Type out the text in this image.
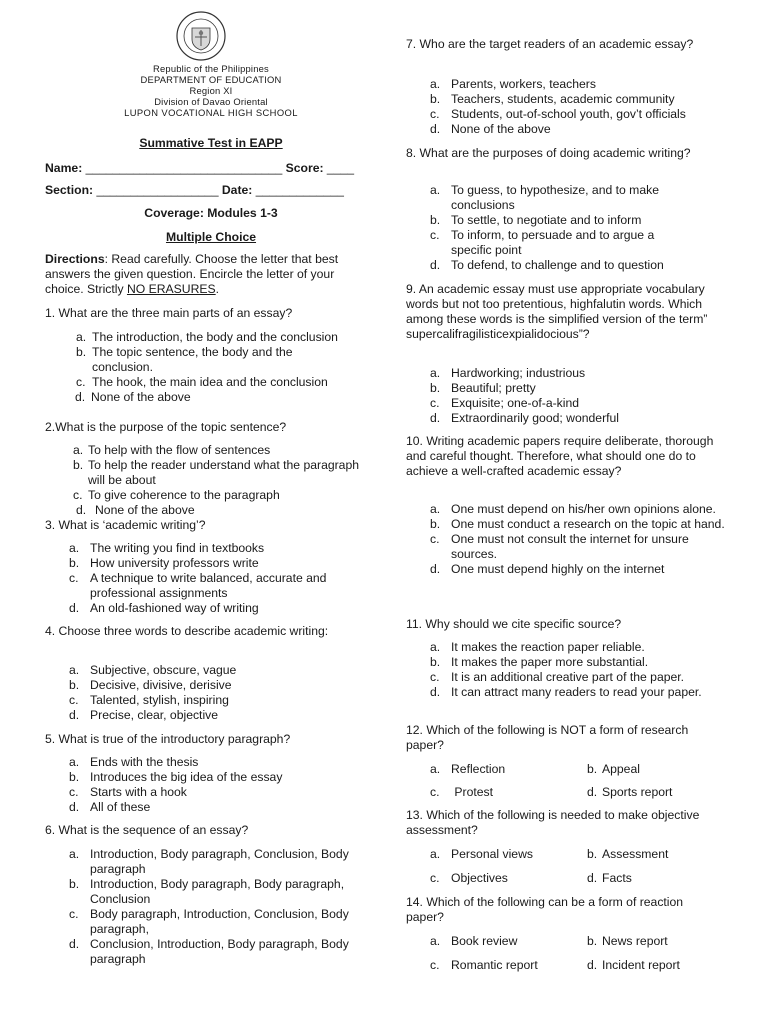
Republic of the Philippines
DEPARTMENT OF EDUCATION
Region XI
Division of Davao Oriental
LUPON VOCATIONAL HIGH SCHOOL
Summative Test in EAPP
Name: _____________________________ Score: ____
Section: __________________ Date: _____________
Coverage: Modules 1-3
Multiple Choice
Directions: Read carefully. Choose the letter that best answers the given question. Encircle the letter of your choice. Strictly NO ERASURES.
1. What are the three main parts of an essay?
a. The introduction, the body and the conclusion
b. The topic sentence, the body and the conclusion.
c. The hook, the main idea and the conclusion
d. None of the above
2.What is the purpose of the topic sentence?
a. To help with the flow of sentences
b. To help the reader understand what the paragraph will be about
c. To give coherence to the paragraph
d. None of the above
3. What is ‘academic writing’?
a. The writing you find in textbooks
b. How university professors write
c. A technique to write balanced, accurate and professional assignments
d. An old-fashioned way of writing
4. Choose three words to describe academic writing:
a. Subjective, obscure, vague
b. Decisive, divisive, derisive
c. Talented, stylish, inspiring
d. Precise, clear, objective
5. What is true of the introductory paragraph?
a. Ends with the thesis
b. Introduces the big idea of the essay
c. Starts with a hook
d. All of these
6. What is the sequence of an essay?
a. Introduction, Body paragraph, Conclusion, Body paragraph
b. Introduction, Body paragraph, Body paragraph, Conclusion
c. Body paragraph, Introduction, Conclusion, Body paragraph,
d. Conclusion, Introduction, Body paragraph, Body paragraph
7. Who are the target readers of an academic essay?
a. Parents, workers, teachers
b. Teachers, students, academic community
c. Students, out-of-school youth, gov’t officials
d. None of the above
8. What are the purposes of doing academic writing?
a. To guess, to hypothesize, and to make conclusions
b. To settle, to negotiate and to inform
c. To inform, to persuade and to argue a specific point
d. To defend, to challenge and to question
9. An academic essay must use appropriate vocabulary words but not too pretentious, highfalutin words. Which among these words is the simplified version of the term” supercalifragilisticexpialidocious”?
a. Hardworking; industrious
b. Beautiful; pretty
c. Exquisite; one-of-a-kind
d. Extraordinarily good; wonderful
10. Writing academic papers require deliberate, thorough and careful thought. Therefore, what should one do to achieve a well-crafted academic essay?
a. One must depend on his/her own opinions alone.
b. One must conduct a research on the topic at hand.
c. One must not consult the internet for unsure sources.
d. One must depend highly on the internet
11. Why should we cite specific source?
a. It makes the reaction paper reliable.
b. It makes the paper more substantial.
c. It is an additional creative part of the paper.
d. It can attract many readers to read your paper.
12. Which of the following is NOT a form of research paper?
a. Reflection	b. Appeal
c. Protest	d. Sports report
13. Which of the following is needed to make objective assessment?
a. Personal views	b. Assessment
c. Objectives	d. Facts
14. Which of the following can be a form of reaction paper?
a. Book review	b. News report
c. Romantic report	d. Incident report
